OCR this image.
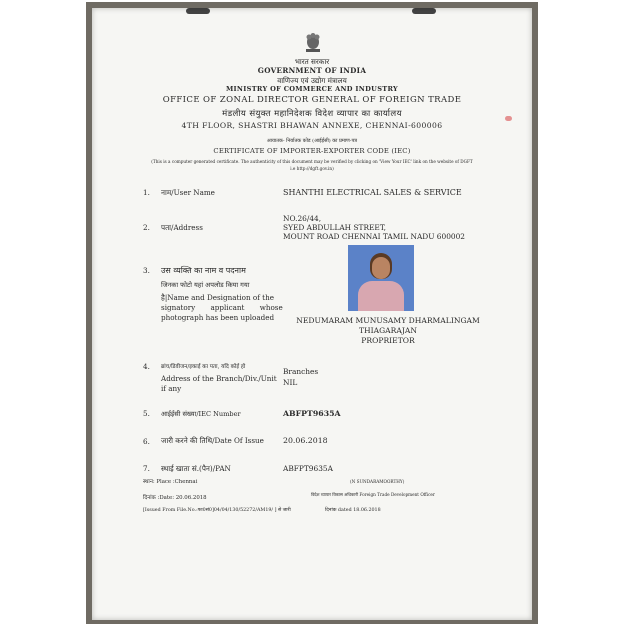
भारत सरकार
GOVERNMENT OF INDIA
वाणिज्य एवं उद्योग मंत्रालय
MINISTRY OF COMMERCE AND INDUSTRY
OFFICE OF ZONAL DIRECTOR GENERAL OF FOREIGN TRADE
मंडलीय संयुक्त महानिदेशक विदेश व्यापार का कार्यालय
4TH FLOOR, SHASTRI BHAWAN ANNEXE, CHENNAI-600006
आयातक- निर्यातक कोड (आईईसी) का प्रमाण-पत्र
CERTIFICATE OF IMPORTER-EXPORTER CODE (IEC)
(This is a computer generated certificate. The authenticity of this document may be verified by clicking on 'View Your IEC' link on the website of DGFT
i.e http://dgft.gov.in)
1. नाम/User Name	SHANTHI ELECTRICAL SALES & SERVICE
2. पता/Address
NO.26/44,
SYED ABDULLAH STREET,
MOUNT ROAD CHENNAI TAMIL NADU 600002
3. उस व्यक्ति का नाम व पदनाम
जिनका फोटो यहां अपलोड किया गया
है|Name and Designation of the
signatory applicant whose
photograph has been uploaded	NEDUMARAM MUNUSAMY DHARMALINGAM
THIAGARAJAN
PROPRIETOR
4. ब्रांच/डिवीजन/इकाई का पता, यदि कोई हो
Address of the Branch/Div./Unit
if any
Branches
NIL
5. आईईसी संख्या/IEC Number	ABFPT9635A
6. जारी करने की तिथि/Date Of Issue 20.06.2018
7. स्थाई खाता सं.(पैन)/PAN	ABFPT9635A
स्थान: Place :Chennai
दिनांक :Date: 20.06.2018
(N SUNDARAMOORTHY)
विदेश व्यापार विकास अधिकारी Foreign Trade Development Officer
[Issued From File.No.:फा0सं0]04/04/130/52272/AM19/ ] से जारी	दिनांक dated 18.06.2018
